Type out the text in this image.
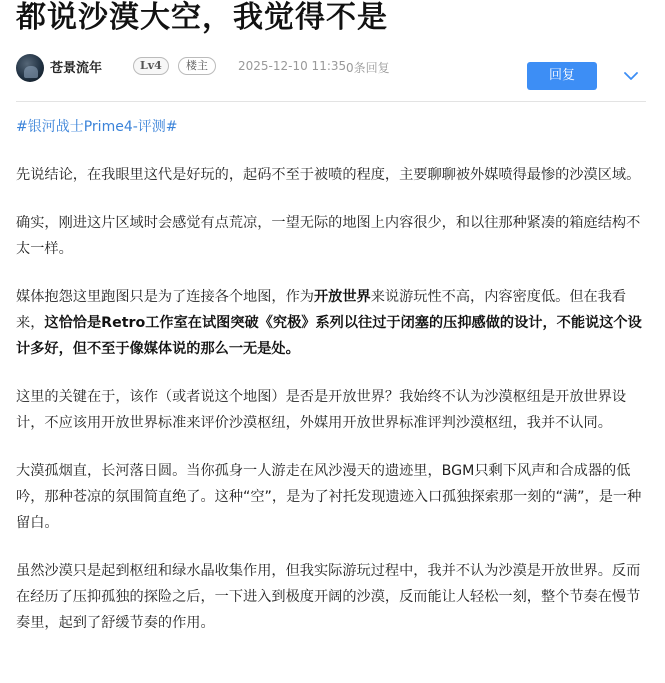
都说沙漠大空，我觉得不是
苍景流年	Lv4	楼主	2025-12-10 11:35 0条回复	回复
#银河战士Prime4-评测#

先说结论，在我眼里这代是好玩的，起码不至于被喷的程度，主要聊聊被外媒喷得最惨的沙漠区域。

确实，刚进这片区域时会感觉有点荒凉，一望无际的地图上内容很少，和以往那种紧凑的箱庭结构不太一样。

媒体抱怨这里跑图只是为了连接各个地图，作为开放世界来说游玩性不高，内容密度低。但在我看来，这恰恰是Retro工作室在试图突破《究极》系列以往过于闭塞的压抑感做的设计，不能说这个设计多好，但不至于像媒体说的那么一无是处。

这里的关键在于，该作（或者说这个地图）是否是开放世界？我始终不认为沙漠枢纽是开放世界设计，不应该用开放世界标准来评价沙漠枢纽，外媒用开放世界标准评判沙漠枢纽，我并不认同。

大漠孤烟直，长河落日圆。当你孤身一人游走在风沙漫天的遗迹里，BGM只剩下风声和合成器的低吟，那种苍凉的氛围简直绝了。这种“空”，是为了衬托发现遗迹入口孤独探索那一刻的“满”，是一种留白。

虽然沙漠只是起到枢纽和绿水晶收集作用，但我实际游玩过程中，我并不认为沙漠是开放世界。反而在经历了压抑孤独的探险之后，一下进入到极度开阔的沙漠，反而能让人轻松一刻，整个节奏在慢节奏里，起到了舒缓节奏的作用。
